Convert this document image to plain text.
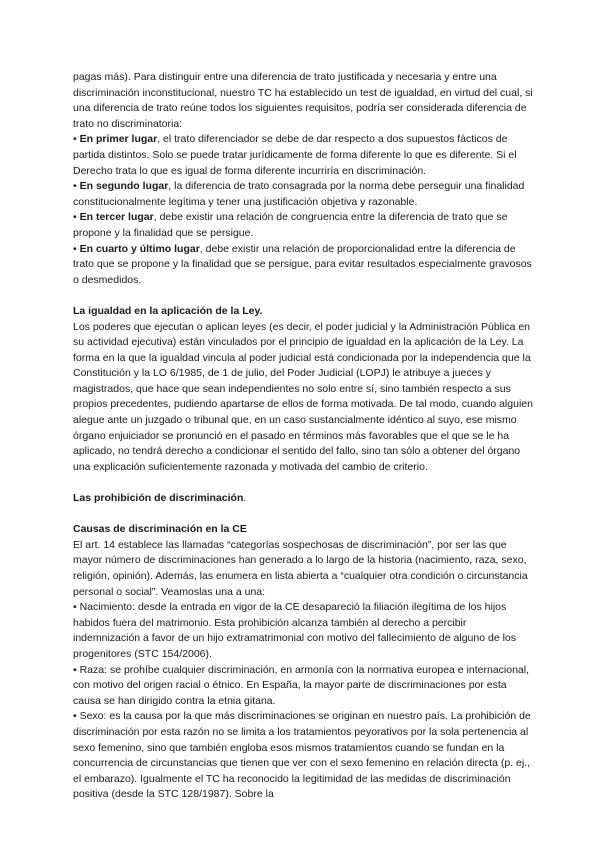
pagas más). Para distinguir entre una diferencia de trato justificada y necesaria y entre una discriminación inconstitucional, nuestro TC ha establecido un test de igualdad, en virtud del cual, si una diferencia de trato reúne todos los siguientes requisitos, podría ser considerada diferencia de trato no discriminatoria:

• En primer lugar, el trato diferenciador se debe de dar respecto a dos supuestos fácticos de partida distintos. Solo se puede tratar jurídicamente de forma diferente lo que es diferente. Si el Derecho trata lo que es igual de forma diferente incurriría en discriminación.

• En segundo lugar, la diferencia de trato consagrada por la norma debe perseguir una finalidad constitucionalmente legítima y tener una justificación objetiva y razonable.

• En tercer lugar, debe existir una relación de congruencia entre la diferencia de trato que se propone y la finalidad que se persigue.

• En cuarto y último lugar, debe existir una relación de proporcionalidad entre la diferencia de trato que se propone y la finalidad que se persigue, para evitar resultados especialmente gravosos o desmedidos.

La igualdad en la aplicación de la Ley.

Los poderes que ejecutan o aplican leyes (es decir, el poder judicial y la Administración Pública en su actividad ejecutiva) están vinculados por el principio de igualdad en la aplicación de la Ley. La forma en la que la igualdad vincula al poder judicial está condicionada por la independencia que la Constitución y la LO 6/1985, de 1 de julio, del Poder Judicial (LOPJ) le atribuye a jueces y magistrados, que hace que sean independientes no solo entre sí, sino también respecto a sus propios precedentes, pudiendo apartarse de ellos de forma motivada. De tal modo, cuando alguien alegue ante un juzgado o tribunal que, en un caso sustancialmente idéntico al suyo, ese mismo órgano enjuiciador se pronunció en el pasado en términos más favorables que el que se le ha aplicado, no tendrá derecho a condicionar el sentido del fallo, sino tan sólo a obtener del órgano una explicación suficientemente razonada y motivada del cambio de criterio.

Las prohibición de discriminación.

Causas de discriminación en la CE

El art. 14 establece las llamadas “categorías sospechosas de discriminación”, por ser las que mayor número de discriminaciones han generado a lo largo de la historia (nacimiento, raza, sexo, religión, opinión). Además, las enumera en lista abierta a “cualquier otra condición o circunstancia personal o social”. Veamoslas una a una:

• Nacimiento: desde la entrada en vigor de la CE desapareció la filiación ilegítima de los hijos habidos fuera del matrimonio. Esta prohibición alcanza también al derecho a percibir indemnización a favor de un hijo extramatrimonial con motivo del fallecimiento de alguno de los progenitores (STC 154/2006).

• Raza: se prohíbe cualquier discriminación, en armonía con la normativa europea e internacional, con motivo del origen racial o étnico. En España, la mayor parte de discriminaciones por esta causa se han dirigido contra la etnia gitana.

• Sexo: es la causa por la que más discriminaciones se originan en nuestro país. La prohibición de discriminación por esta razón no se limita a los tratamientos peyorativos por la sola pertenencia al sexo femenino, sino que también engloba esos mismos tratamientos cuando se fundan en la concurrencia de circunstancias que tienen que ver con el sexo femenino en relación directa (p. ej., el embarazo). Igualmente el TC ha reconocido la legitimidad de las medidas de discriminación positiva (desde la STC 128/1987). Sobre la
